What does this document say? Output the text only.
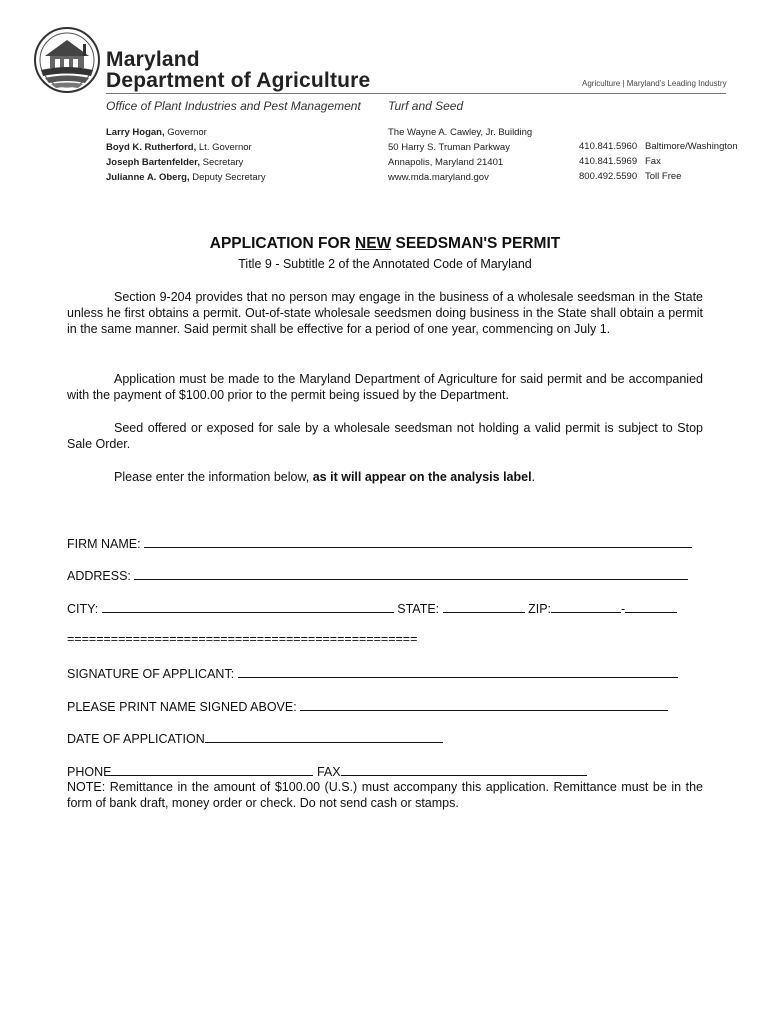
Maryland
Department of Agriculture	Agriculture | Maryland's Leading Industry
Office of Plant Industries and Pest Management Turf and Seed
Larry Hogan, Governor
Boyd K. Rutherford, Lt. Governor
Joseph Bartenfelder, Secretary
Julianne A. Oberg, Deputy Secretary
The Wayne A. Cawley, Jr. Building
50 Harry S. Truman Parkway
Annapolis, Maryland 21401
www.mda.maryland.gov
410.841.5960 Baltimore/Washington
410.841.5969 Fax
800.492.5590 Toll Free
APPLICATION FOR NEW SEEDSMAN'S PERMIT
Title 9 - Subtitle 2 of the Annotated Code of Maryland
Section 9-204 provides that no person may engage in the business of a wholesale seedsman in the State unless he first obtains a permit. Out-of-state wholesale seedsmen doing business in the State shall obtain a permit in the same manner. Said permit shall be effective for a period of one year, commencing on July 1.
Application must be made to the Maryland Department of Agriculture for said permit and be accompanied with the payment of $100.00 prior to the permit being issued by the Department.
Seed offered or exposed for sale by a wholesale seedsman not holding a valid permit is subject to Stop Sale Order.
Please enter the information below, as it will appear on the analysis label.
FIRM NAME:
ADDRESS:
CITY:	STATE:	ZIP:	-
================================================
SIGNATURE OF APPLICANT:
PLEASE PRINT NAME SIGNED ABOVE:
DATE OF APPLICATION
PHONE	FAX
NOTE: Remittance in the amount of $100.00 (U.S.) must accompany this application. Remittance must be in the form of bank draft, money order or check. Do not send cash or stamps.
